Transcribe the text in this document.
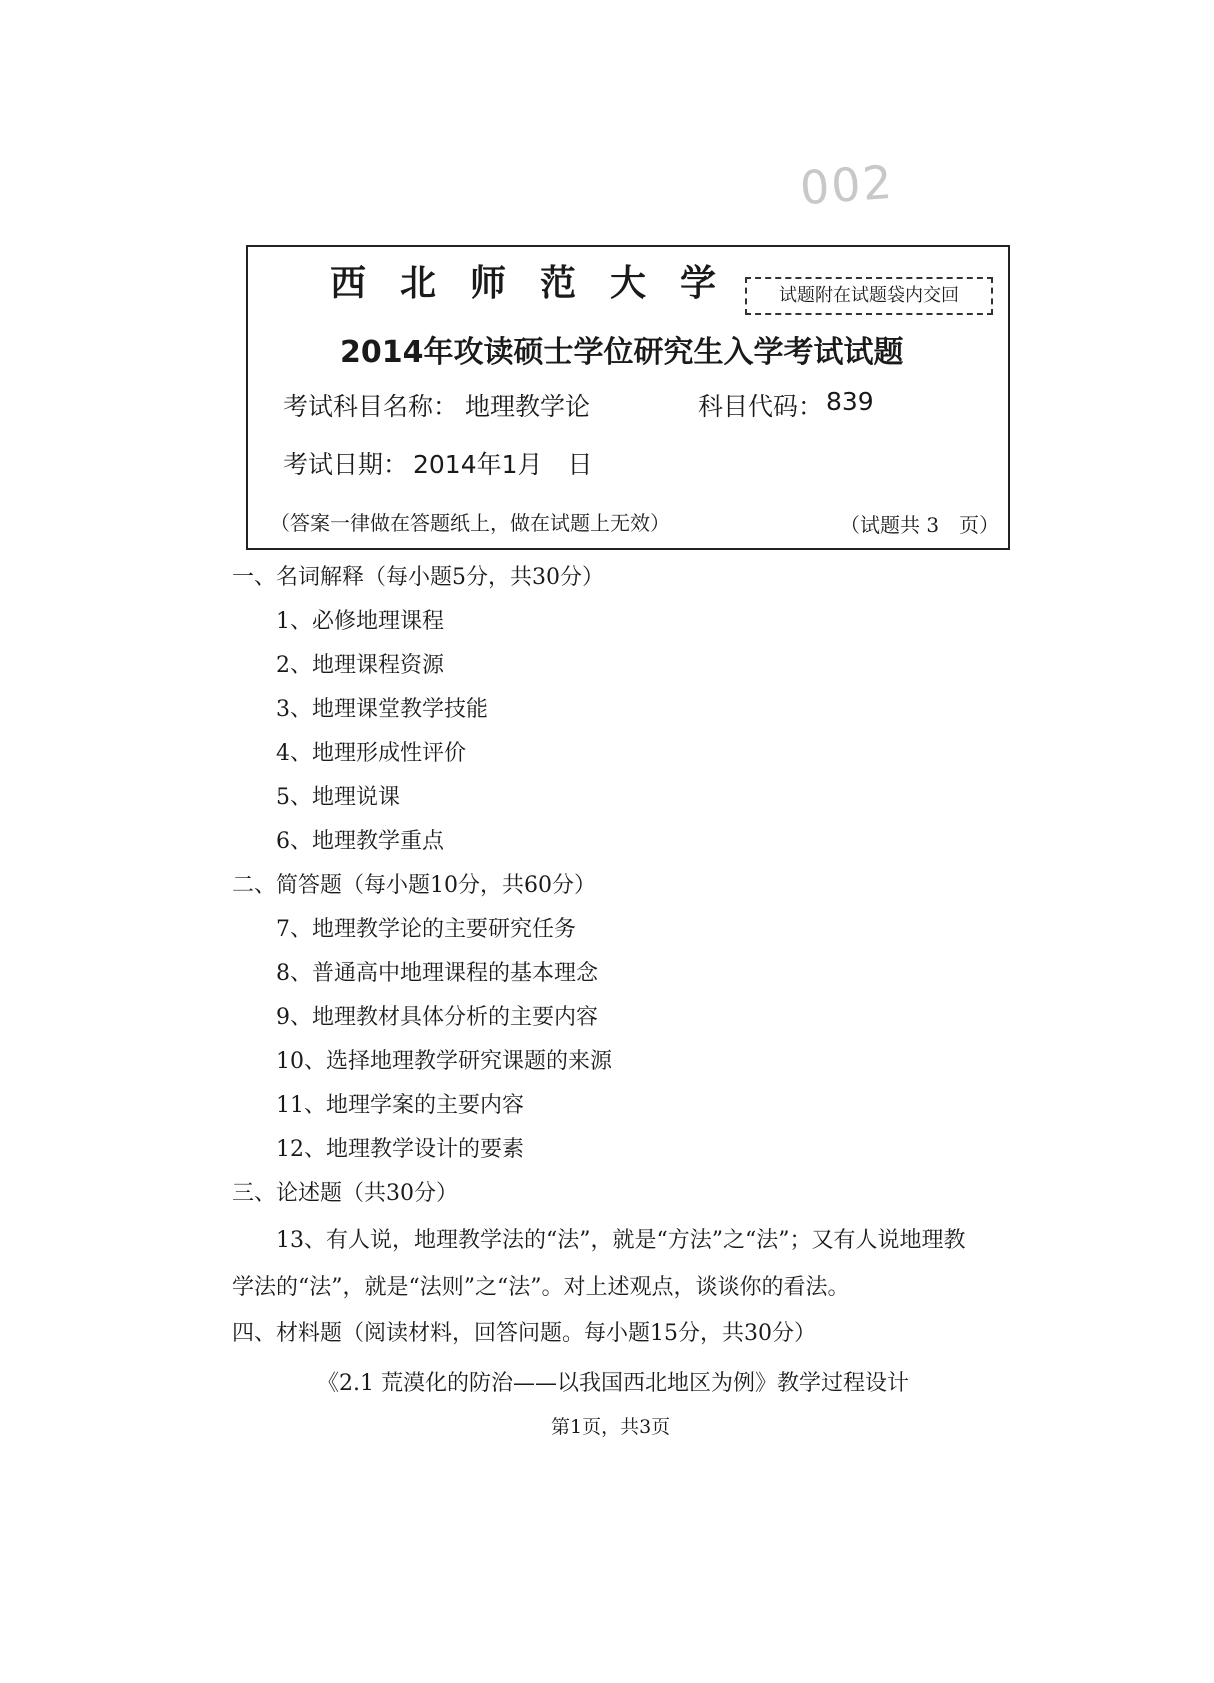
002
西北师范大学	试题附在试题袋内交回
2014年攻读硕士学位研究生入学考试试题
考试科目名称： 地理教学论	科目代码： 839
考试日期： 2014年1月　日
（答案一律做在答题纸上，做在试题上无效）	（试题共 3　页）
一、名词解释（每小题5分，共30分）
1、必修地理课程
2、地理课程资源
3、地理课堂教学技能
4、地理形成性评价
5、地理说课
6、地理教学重点
二、简答题（每小题10分，共60分）
7、地理教学论的主要研究任务
8、普通高中地理课程的基本理念
9、地理教材具体分析的主要内容
10、选择地理教学研究课题的来源
11、地理学案的主要内容
12、地理教学设计的要素
三、论述题（共30分）
13、有人说，地理教学法的“法”，就是“方法”之“法”；又有人说地理教
学法的“法”，就是“法则”之“法”。对上述观点，谈谈你的看法。
四、材料题（阅读材料，回答问题。每小题15分，共30分）
《2.1 荒漠化的防治——以我国西北地区为例》教学过程设计
第1页，共3页
